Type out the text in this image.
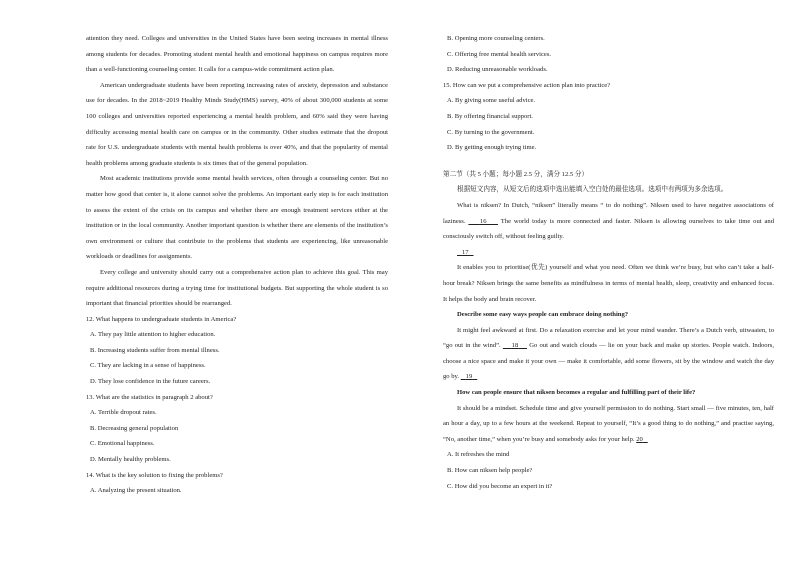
attention they need. Colleges and universities in the United States have been seeing increases in mental illness among students for decades. Promoting student mental health and emotional happiness on campus requires more than a well-functioning counseling center. It calls for a campus-wide commitment action plan.

American undergraduate students have been reporting increasing rates of anxiety, depression and substance use for decades. In the 2018~2019 Healthy Minds Study(HMS) survey, 40% of about 300,000 students at some 100 colleges and universities reported experiencing a mental health problem, and 60% said they were having difficulty accessing mental health care on campus or in the community. Other studies estimate that the dropout rate for U.S. undergraduate students with mental health problems is over 40%, and that the popularity of mental health problems among graduate students is six times that of the general population.

Most academic institutions provide some mental health services, often through a counseling center. But no matter how good that center is, it alone cannot solve the problems. An important early step is for each institution to assess the extent of the crisis on its campus and whether there are enough treatment services either at the institution or in the local community. Another important question is whether there are elements of the institution’s own environment or culture that contribute to the problems that students are experiencing, like unreasonable workloads or deadlines for assignments.

Every college and university should carry out a comprehensive action plan to achieve this goal. This may require additional resources during a trying time for institutional budgets. But supporting the whole student is so important that financial priorities should be rearranged.

12. What happens to undergraduate students in America?

A. They pay little attention to higher education.

B. Increasing students suffer from mental illness.

C. They are lacking in a sense of happiness.

D. They lose confidence in the future careers.

13. What are the statistics in paragraph 2 about?

A. Terrible dropout rates.

B. Decreasing general population

C. Emotional happiness.

D. Mentally healthy problems.

14. What is the key solution to fixing the problems?

A. Analyzing the present situation.

B. Opening more counseling centers.

C. Offering free mental health services.

D. Reducing unreasonable workloads.

15. How can we put a comprehensive action plan into practice?

A. By giving some useful advice.

B. By offering financial support.

C. By turning to the government.

D. By getting enough trying time.

第二节（共 5 小题；每小题 2.5 分，满分 12.5 分）

根据短文内容，从短文后的选项中选出能填入空白处的最佳选项。选项中有两项为多余选项。

What is niksen? In Dutch, “niksen” literally means “ to do nothing”. Niksen used to have negative associations of laziness. 16 The world today is more connected and faster. Niksen is allowing ourselves to take time out and consciously switch off, without feeling guilty.

17

It enables you to prioritise(优先) yourself and what you need. Often we think we’re busy, but who can’t take a half-hour break? Niksen brings the same benefits as mindfulness in terms of mental health, sleep, creativity and enhanced focus. It helps the body and brain recover.

Describe some easy ways people can embrace doing nothing?

It might feel awkward at first. Do a relaxation exercise and let your mind wander. There’s a Dutch verb, uitwaaien, to “go out in the wind”. 18 Go out and watch clouds — lie on your back and make up stories. People watch. Indoors, choose a nice space and make it your own — make it comfortable, add some flowers, sit by the window and watch the day go by. 19

How can people ensure that niksen becomes a regular and fulfilling part of their life?

It should be a mindset. Schedule time and give yourself permission to do nothing. Start small — five minutes, ten, half an hour a day, up to a few hours at the weekend. Repeat to yourself, “It’s a good thing to do nothing,” and practise saying, “No, another time,” when you’re busy and somebody asks for your help. 20

A. It refreshes the mind

B. How can niksen help people?

C. How did you become an expert in it?
